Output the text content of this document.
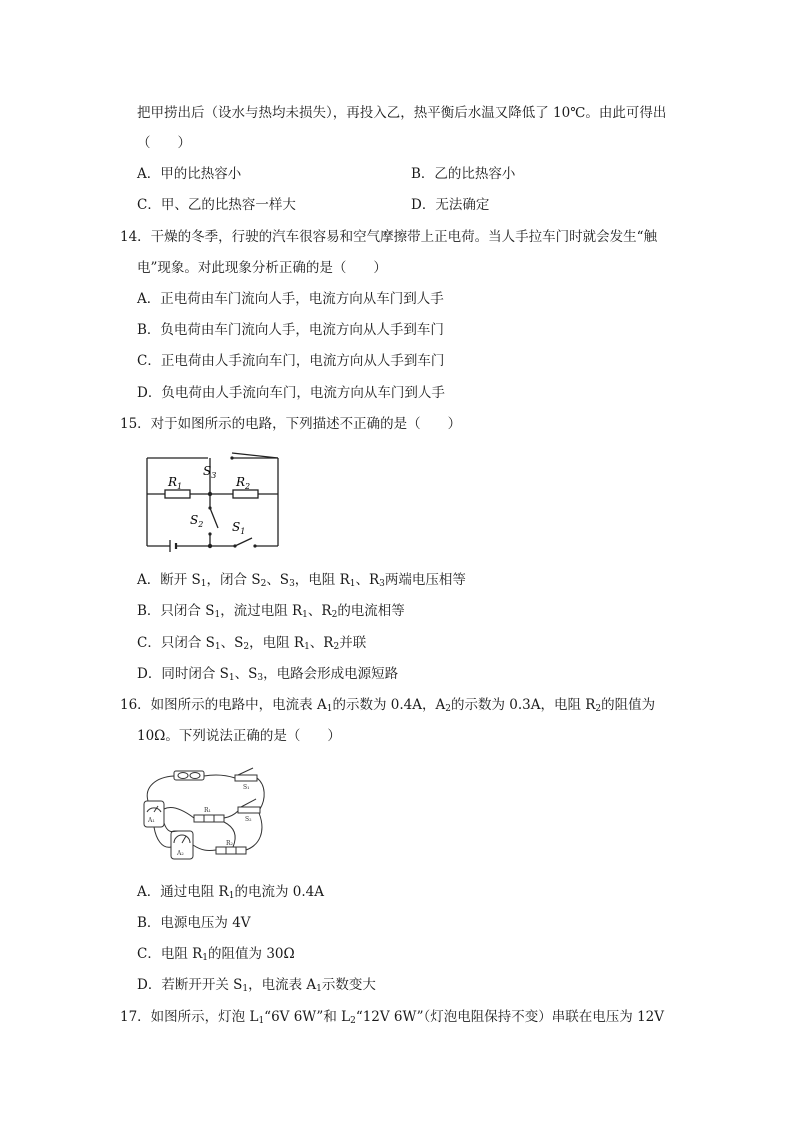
把甲捞出后（设水与热均未损失），再投入乙，热平衡后水温又降低了 10℃。由此可得出
（　　）
A．甲的比热容小	B．乙的比热容小
C．甲、乙的比热容一样大	D．无法确定
14．干燥的冬季，行驶的汽车很容易和空气摩擦带上正电荷。当人手拉车门时就会发生“触
电”现象。对此现象分析正确的是（　　）
A．正电荷由车门流向人手，电流方向从车门到人手
B．负电荷由车门流向人手，电流方向从人手到车门
C．正电荷由人手流向车门，电流方向从人手到车门
D．负电荷由人手流向车门，电流方向从车门到人手
15．对于如图所示的电路，下列描述不正确的是（　　）
$S_3$
$R_1$	$R_2$
$S_2$ $S_1$
A．断开 $S_1$，闭合 $S_2$、$S_3$，电阻 $R_1$、$R_3$两端电压相等
B．只闭合 $S_1$，流过电阻 $R_1$、$R_2$的电流相等
C．只闭合 $S_1$、$S_2$，电阻 $R_1$、$R_2$并联
D．同时闭合 $S_1$、$S_3$，电路会形成电源短路
16．如图所示的电路中，电流表 $A_1$的示数为 0.4A，$A_2$的示数为 0.3A，电阻 $R_2$的阻值为
10Ω。下列说法正确的是（　　）
S₁
S₂
R₁
R₂
A₁
A₂
A．通过电阻 $R_1$的电流为 0.4A
B．电源电压为 4V
C．电阻 $R_1$的阻值为 30Ω
D．若断开开关 $S_1$，电流表 $A_1$示数变大
17．如图所示，灯泡 $L_1“6V$ 6W”和 $L_2“12V$ 6W”（灯泡电阻保持不变）串联在电压为 12V
